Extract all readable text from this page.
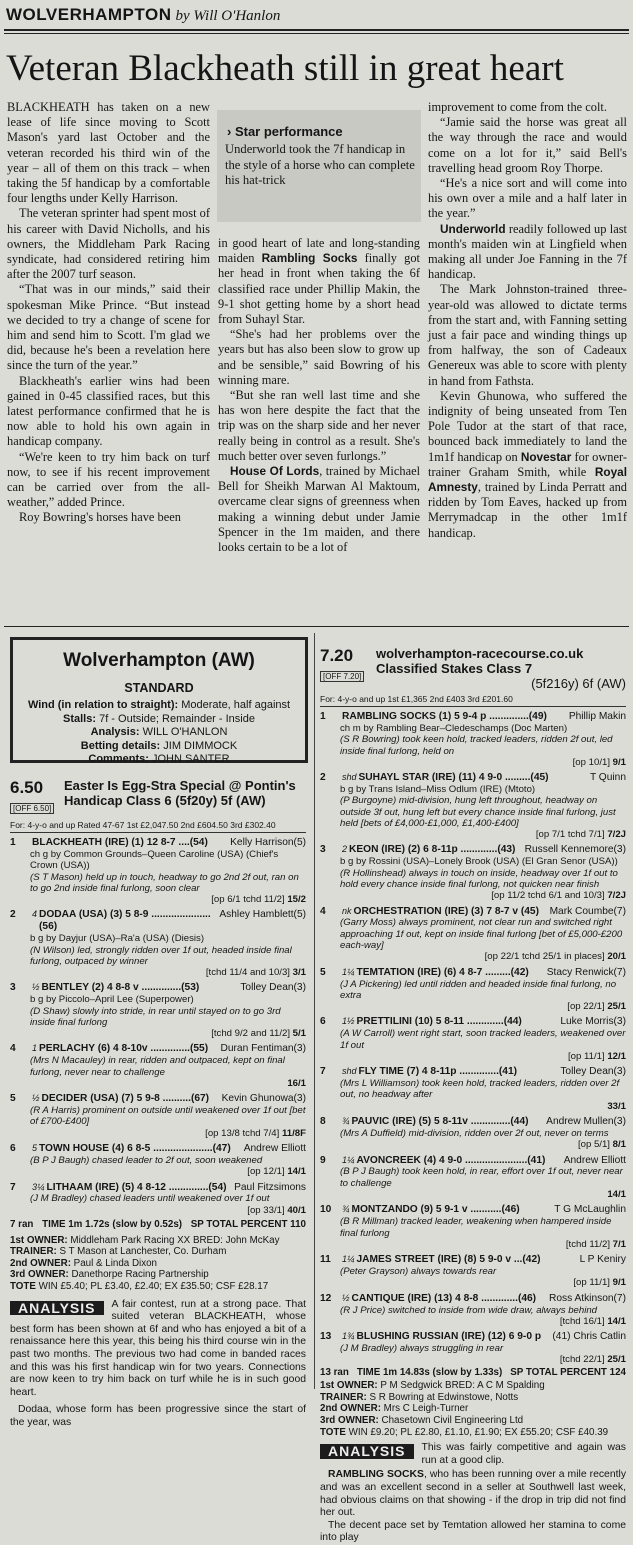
WOLVERHAMPTON by Will O'Hanlon
Veteran Blackheath still in great heart

BLACKHEATH has taken on a new lease of life since moving to Scott Mason's yard last October and the veteran recorded his third win of the year – all of them on this track – when taking the 5f handicap by a comfortable four lengths under Kelly Harrison.

The veteran sprinter had spent most of his career with David Nicholls, and his owners, the Middleham Park Racing syndicate, had considered retiring him after the 2007 turf season.

“That was in our minds,” said their spokesman Mike Prince. “But instead we decided to try a change of scene for him and send him to Scott. I'm glad we did, because he's been a revelation here since the turn of the year.”

Blackheath's earlier wins had been gained in 0-45 classified races, but this latest performance confirmed that he is now able to hold his own again in handicap company.

“We're keen to try him back on turf now, to see if his recent improvement can be carried over from the all-weather,” added Prince.

Roy Bowring's horses have been

› Star performance
Underworld took the 7f handicap in the style of a horse who can complete his hat-trick

in good heart of late and long-standing maiden Rambling Socks finally got her head in front when taking the 6f classified race under Phillip Makin, the 9-1 shot getting home by a short head from Suhayl Star.

“She's had her problems over the years but has also been slow to grow up and be sensible,” said Bowring of his winning mare.

“But she ran well last time and she has won here despite the fact that the trip was on the sharp side and her never really being in control as a result. She's much better over seven furlongs.”

House Of Lords, trained by Michael Bell for Sheikh Marwan Al Maktoum, overcame clear signs of greenness when making a winning debut under Jamie Spencer in the 1m maiden, and there looks certain to be a lot of

improvement to come from the colt.

“Jamie said the horse was great all the way through the race and would come on a lot for it,” said Bell's travelling head groom Roy Thorpe.

“He's a nice sort and will come into his own over a mile and a half later in the year.”

Underworld readily followed up last month's maiden win at Lingfield when making all under Joe Fanning in the 7f handicap.

The Mark Johnston-trained three-year-old was allowed to dictate terms from the start and, with Fanning setting just a fair pace and winding things up from halfway, the son of Cadeaux Genereux was able to score with plenty in hand from Fathsta.

Kevin Ghunowa, who suffered the indignity of being unseated from Ten Pole Tudor at the start of that race, bounced back immediately to land the 1m1f handicap on Novestar for owner-trainer Graham Smith, while Royal Amnesty, trained by Linda Perratt and ridden by Tom Eaves, hacked up from Merrymadcap in the other 1m1f handicap.

Wolverhampton (AW)
STANDARD
Wind (in relation to straight): Moderate, half against
Stalls: 7f - Outside; Remainder - Inside
Analysis: WILL O'HANLON
Betting details: JIM DIMMOCK
Comments: JOHN SANTER
6.50
[OFF 6.50]
Easter Is Egg-Stra Special @ Pontin's Handicap Class 6 (5f20y) 5f (AW)
For: 4-y-o and up Rated 47-67 1st £2,047.50 2nd £604.50 3rd £302.40
1	BLACKHEATH (IRE) (1) 12 8-7 ....(54) Kelly Harrison(5)
ch g by Common Grounds–Queen Caroline (USA) (Chief's Crown (USA))
(S T Mason) held up in touch, headway to go 2nd 2f out, ran on to go 2nd inside final furlong, soon clear
[op 6/1 tchd 11/2] 15/2
2	4 DODAA (USA) (3) 5 8-9 .....................(56)
Ashley Hamblett(5)
b g by Dayjur (USA)–Ra'a (USA) (Diesis)
(N Wilson) led, strongly ridden over 1f out, headed inside final furlong, outpaced by winner
[tchd 11/4 and 10/3] 3/1
3	½ BENTLEY (2) 4 8-8 v ..............(53)	Tolley Dean(3)
b g by Piccolo–April Lee (Superpower)
(D Shaw) slowly into stride, in rear until stayed on to go 3rd inside final furlong
[tchd 9/2 and 11/2] 5/1
4	1 PERLACHY (6) 4 8-10v ..............(55) Duran Fentiman(3)
(Mrs N Macauley) in rear, ridden and outpaced, kept on final furlong, never near to challenge
16/1
5	½ DECIDER (USA) (7) 5 9-8 ..........(67) Kevin Ghunowa(3)
(R A Harris) prominent on outside until weakened over 1f out [bet of £700-£400]
[op 13/8 tchd 7/4] 11/8F
6	5 TOWN HOUSE (4) 6 8-5 .....................(47) Andrew Elliott
(B P J Baugh) chased leader to 2f out, soon weakened
[op 12/1] 14/1
7	3¼ LITHAAM (IRE) (5) 4 8-12 ..............(54) Paul Fitzsimons
(J M Bradley) chased leaders until weakened over 1f out
[op 33/1] 40/1
7 ran TIME 1m 1.72s (slow by 0.52s) SP TOTAL PERCENT 110
1st OWNER: Middleham Park Racing XX BRED: John McKay
TRAINER: S T Mason at Lanchester, Co. Durham
2nd OWNER: Paul & Linda Dixon
3rd OWNER: Danethorpe Racing Partnership
TOTE WIN £5.40; PL £3.40, £2.40; EX £35.50; CSF £28.17
ANALYSIS	A fair contest, run at a strong pace. That suited veteran BLACKHEATH, whose best form has been shown at 6f and who has enjoyed a bit of a renaissance here this year, this being his third course win in the past two months. The previous two had come in banded races and this was his first handicap win for two years. Connections are now keen to try him back on turf while he is in such good heart.
Dodaa, whose form has been progressive since the start of the year, was
7.20
[OFF 7.20]
wolverhampton-racecourse.co.uk Classified Stakes Class 7
(5f216y) 6f (AW)
For: 4-y-o and up 1st £1,365 2nd £403 3rd £201.60
1	RAMBLING SOCKS (1) 5 9-4 p ..............(49) Phillip Makin
ch m by Rambling Bear–Cledeschamps (Doc Marten)
(S R Bowring) took keen hold, tracked leaders, ridden 2f out, led inside final furlong, held on
[op 10/1] 9/1
2	shd SUHAYL STAR (IRE) (11) 4 9-0 .........(45)	T Quinn
b g by Trans Island–Miss Odlum (IRE) (Mtoto)
(P Burgoyne) mid-division, hung left throughout, headway on outside 3f out, hung left but every chance inside final furlong, just held [bets of £4,000-£1,000, £1,400-£400]
[op 7/1 tchd 7/1] 7/2J
3	2 KEON (IRE) (2) 6 8-11p .............(43) Russell Kennemore(3)
b g by Rossini (USA)–Lonely Brook (USA) (El Gran Senor (USA))
(R Hollinshead) always in touch on inside, headway over 1f out to hold every chance inside final furlong, not quicken near finish
[op 11/2 tchd 6/1 and 10/3] 7/2J
4	nk ORCHESTRATION (IRE) (3) 7 8-7 v (45) Mark Coumbe(7)
(Garry Moss) always prominent, not clear run and switched right approaching 1f out, kept on inside final furlong [bet of £5,000-£200 each-way]
[op 22/1 tchd 25/1 in places] 20/1
5	1¼ TEMTATION (IRE) (6) 4 8-7 .........(42) Stacy Renwick(7)
(J A Pickering) led until ridden and headed inside final furlong, no extra
[op 22/1] 25/1
6	1½ PRETTILINI (10) 5 8-11 .............(44)	Luke Morris(3)
(A W Carroll) went right start, soon tracked leaders, weakened over 1f out
[op 11/1] 12/1
7	shd FLY TIME (7) 4 8-11p ..............(41)	Tolley Dean(3)
(Mrs L Williamson) took keen hold, tracked leaders, ridden over 2f out, no headway after
33/1
8	¾ PAUVIC (IRE) (5) 5 8-11v ..............(44) Andrew Mullen(3)
(Mrs A Duffield) mid-division, ridden over 2f out, never on terms
[op 5/1] 8/1
9	1¼ AVONCREEK (4) 4 9-0 ......................(41) Andrew Elliott
(B P J Baugh) took keen hold, in rear, effort over 1f out, never near to challenge
14/1
10	¾ MONTZANDO (9) 5 9-1 v ...........(46)	T G McLaughlin
(B R Millman) tracked leader, weakening when hampered inside final furlong
[tchd 11/2] 7/1
11	1¼ JAMES STREET (IRE) (8) 5 9-0 v ...(42)	L P Keniry
(Peter Grayson) always towards rear
[op 11/1] 9/1
12	½ CANTIQUE (IRE) (13) 4 8-8 .............(46) Ross Atkinson(7)
(R J Price) switched to inside from wide draw, always behind
[tchd 16/1] 14/1
13	1¾ BLUSHING RUSSIAN (IRE) (12) 6 9-0 p (41) Chris Catlin
(J M Bradley) always struggling in rear
[tchd 22/1] 25/1
13 ran TIME 1m 14.83s (slow by 1.33s) SP TOTAL PERCENT 124
1st OWNER: P M Sedgwick BRED: A C M Spalding
TRAINER: S R Bowring at Edwinstowe, Notts
2nd OWNER: Mrs C Leigh-Turner
3rd OWNER: Chasetown Civil Engineering Ltd
TOTE WIN £9.20; PL £2.80, £1.10, £1.90; EX £55.20; CSF £40.39
ANALYSIS	This was fairly competitive and again was run at a good clip.
RAMBLING SOCKS, who has been running over a mile recently and was an excellent second in a seller at Southwell last week, had obvious claims on that showing - if the drop in trip did not find her out.
The decent pace set by Temtation allowed her stamina to come into play
